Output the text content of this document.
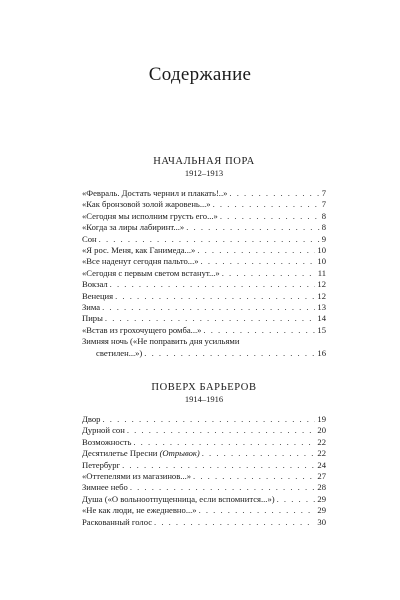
Содержание
НАЧАЛЬНАЯ ПОРА
1912–1913
«Февраль. Достать чернил и плакать!..» . . .	7
«Как бронзовой золой жаровень...» . . .	7
«Сегодня мы исполним грусть его...» . . .	8
«Когда за лиры лабиринт...» . . .	8
Сон . . .	9
«Я рос. Меня, как Ганимеда...» . . .	10
«Все наденут сегодня пальто...» . . .	10
«Сегодня с первым светом встанут...» . . .	11
Вокзал . . .	12
Венеция . . .	12
Зима . . .	13
Пиры . . .	14
«Встав из грохочущего ромба...» . . .	15
Зимняя ночь («Не поправить дня усильями
светилен...») . . .	16
ПОВЕРХ БАРЬЕРОВ
1914–1916
Двор . . .	19
Дурной сон . . .	20
Возможность . . .	22
Десятилетье Пресни (Отрывок) . . .	22
Петербург . . .	24
«Оттепелями из магазинов...» . . .	27
Зимнее небо . . .	28
Душа («О вольноотпущенница, если вспомнится...») . . .	29
«Не как люди, не ежедневно...» . . .	29
Раскованный голос . . .	30
